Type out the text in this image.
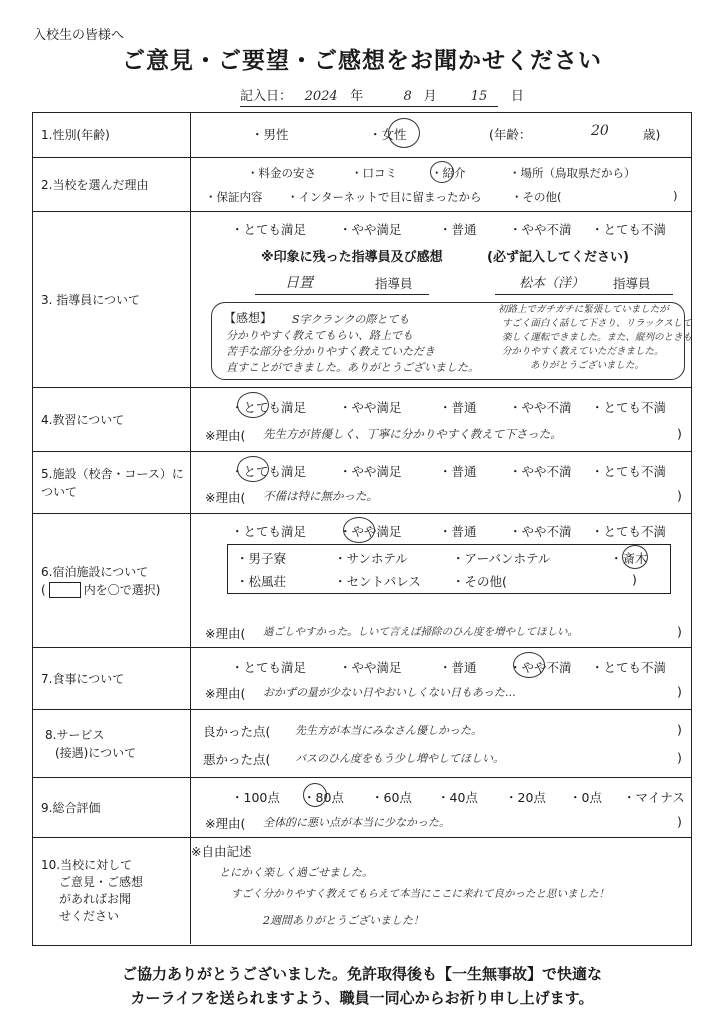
入校生の皆様へ
ご意見・ご要望・ご感想をお聞かせください
記入日： 2024 年	8 月	15 日
1.性別(年齢)	・男性	・女性	(年齢：	20	歳)
2.当校を選んだ理由
・料金の安さ	・口コミ	・紹介	・場所（鳥取県だから）
・保証内容 ・インターネットで目に留まったから	・その他(	)
3. 指導員について
・とても満足	・やや満足	・普通	・やや不満 ・とても不満
※印象に残った指導員及び感想	(必ず記入してください)
日置	指導員	松本（洋） 指導員
【感想】 S字クランクの際とても
分かりやすく教えてもらい、路上でも
苦手な部分を分かりやすく教えていただき
直すことができました。ありがとうございました。
初路上でガチガチに緊張していましたが
すごく面白く話して下さり、リラックスして
楽しく運転できました。また、縦列のときも
分かりやすく教えていただきました。
ありがとうございました。
4.教習について
・とても満足	・やや満足	・普通	・やや不満 ・とても不満
※理由( 先生方が皆優しく、丁寧に分かりやすく教えて下さった。	)
5.施設（校舎・コース）について
・とても満足	・やや満足	・普通	・やや不満 ・とても不満
※理由( 不備は特に無かった。	)
6.宿泊施設について
(	内を〇で選択)
・とても満足	・やや満足	・普通	・やや不満 ・とても不満
・男子寮	・サンホテル	・アーバンホテル	・斎木
・松風荘	・セントパレス ・その他(	)
※理由( 過ごしやすかった。しいて言えば掃除のひん度を増やしてほしい。	)
7.食事について
・とても満足	・やや満足	・普通	・やや不満 ・とても不満
※理由( おかずの量が少ない日やおいしくない日もあった…	)
8.サービス
(接遇)について
良かった点( 先生方が本当にみなさん優しかった。	)
悪かった点( バスのひん度をもう少し増やしてほしい。	)
9.総合評価
・100点 ・80点 ・60点 ・40点 ・20点 ・0点 ・マイナス
※理由( 全体的に悪い点が本当に少なかった。	)
10.当校に対して
ご意見・ご感想
があればお聞
せください
※自由記述
とにかく楽しく過ごせました。
すごく分かりやすく教えてもらえて本当にここに来れて良かったと思いました！
2週間ありがとうございました！
ご協力ありがとうございました。免許取得後も【一生無事故】で快適な
カーライフを送られますよう、職員一同心からお祈り申し上げます。
